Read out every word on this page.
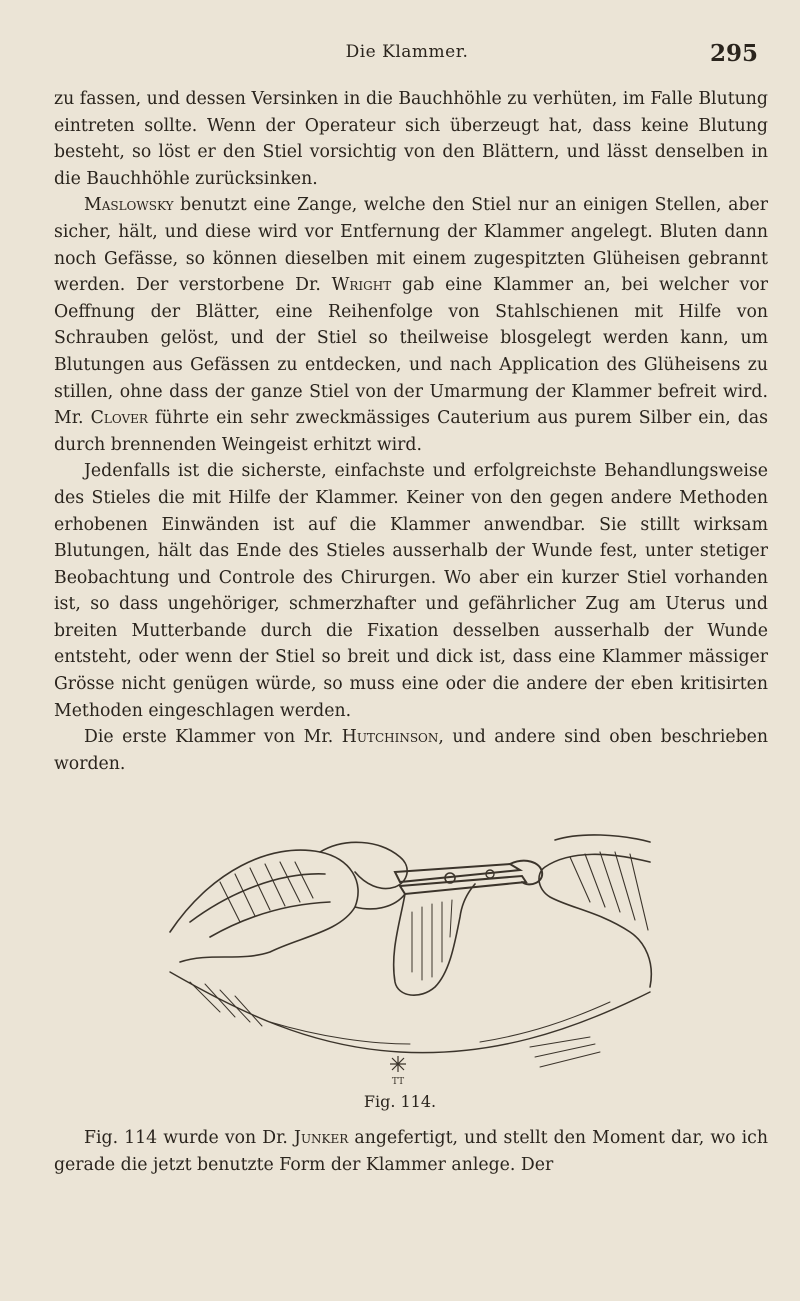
Die Klammer.	295

zu fassen, und dessen Versinken in die Bauchhöhle zu verhüten, im Falle Blutung eintreten sollte. Wenn der Operateur sich überzeugt hat, dass keine Blutung besteht, so löst er den Stiel vorsichtig von den Blättern, und lässt denselben in die Bauchhöhle zurücksinken.

Maslowsky benutzt eine Zange, welche den Stiel nur an einigen Stellen, aber sicher, hält, und diese wird vor Entfernung der Klammer angelegt. Bluten dann noch Gefässe, so können dieselben mit einem zugespitzten Glüheisen gebrannt werden. Der verstorbene Dr. Wright gab eine Klammer an, bei welcher vor Oeffnung der Blätter, eine Reihenfolge von Stahlschienen mit Hilfe von Schrauben gelöst, und der Stiel so theilweise blosgelegt werden kann, um Blutungen aus Gefässen zu entdecken, und nach Application des Glüheisens zu stillen, ohne dass der ganze Stiel von der Umarmung der Klammer befreit wird. Mr. Clover führte ein sehr zweckmässiges Cauterium aus purem Silber ein, das durch brennenden Weingeist erhitzt wird.

Jedenfalls ist die sicherste, einfachste und erfolgreichste Behandlungsweise des Stieles die mit Hilfe der Klammer. Keiner von den gegen andere Methoden erhobenen Einwänden ist auf die Klammer anwendbar. Sie stillt wirksam Blutungen, hält das Ende des Stieles ausserhalb der Wunde fest, unter stetiger Beobachtung und Controle des Chirurgen. Wo aber ein kurzer Stiel vorhanden ist, so dass ungehöriger, schmerzhafter und gefährlicher Zug am Uterus und breiten Mutterbande durch die Fixation desselben ausserhalb der Wunde entsteht, oder wenn der Stiel so breit und dick ist, dass eine Klammer mässiger Grösse nicht genügen würde, so muss eine oder die andere der eben kritisirten Methoden eingeschlagen werden.

Die erste Klammer von Mr. Hutchinson, und andere sind oben beschrieben worden.

TT
Fig. 114.

Fig. 114 wurde von Dr. Junker angefertigt, und stellt den Moment dar, wo ich gerade die jetzt benutzte Form der Klammer anlege. Der
